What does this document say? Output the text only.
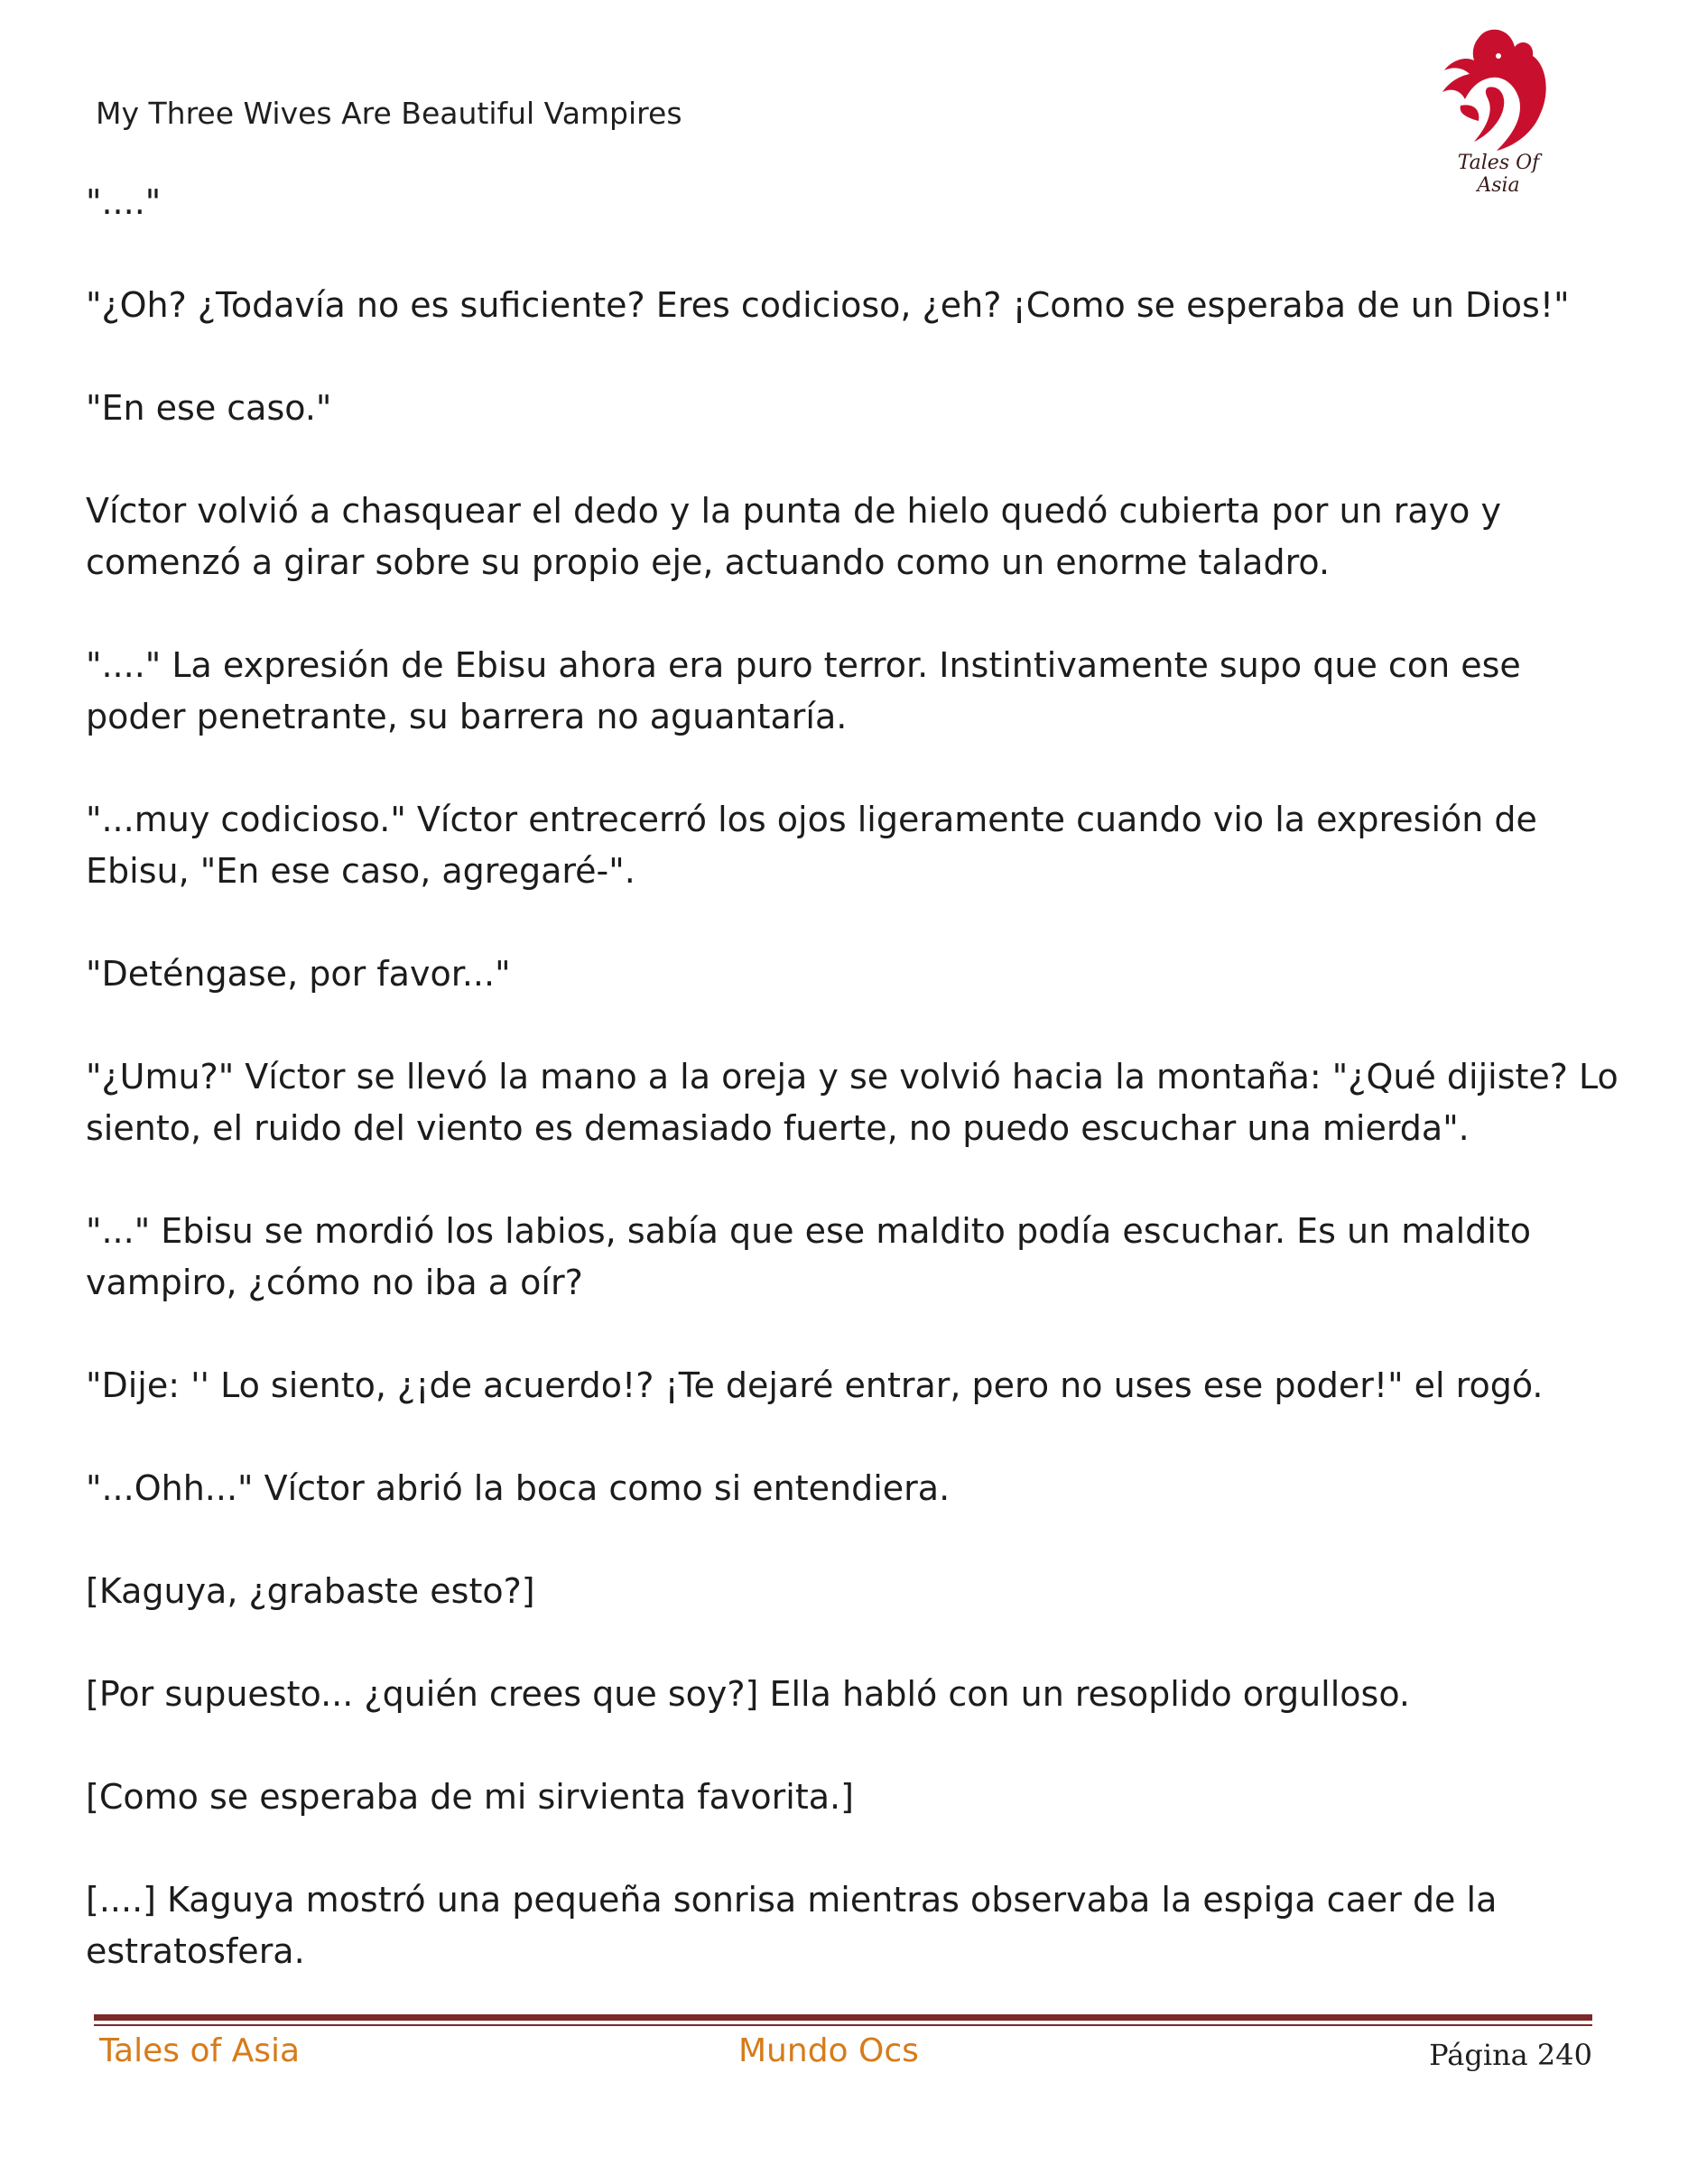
My Three Wives Are Beautiful Vampires
Tales Of Asia

"...."

"¿Oh? ¿Todavía no es suficiente? Eres codicioso, ¿eh? ¡Como se esperaba de un Dios!"

"En ese caso."

Víctor volvió a chasquear el dedo y la punta de hielo quedó cubierta por un rayo y comenzó a girar sobre su propio eje, actuando como un enorme taladro.

"...." La expresión de Ebisu ahora era puro terror. Instintivamente supo que con ese poder penetrante, su barrera no aguantaría.

"...muy codicioso." Víctor entrecerró los ojos ligeramente cuando vio la expresión de Ebisu, "En ese caso, agregaré-".

"Deténgase, por favor..."

"¿Umu?" Víctor se llevó la mano a la oreja y se volvió hacia la montaña: "¿Qué dijiste? Lo siento, el ruido del viento es demasiado fuerte, no puedo escuchar una mierda".

"..." Ebisu se mordió los labios, sabía que ese maldito podía escuchar. Es un maldito vampiro, ¿cómo no iba a oír?

"Dije: '' Lo siento, ¿¡de acuerdo!? ¡Te dejaré entrar, pero no uses ese poder!" el rogó.

"...Ohh..." Víctor abrió la boca como si entendiera.

[Kaguya, ¿grabaste esto?]

[Por supuesto... ¿quién crees que soy?] Ella habló con un resoplido orgulloso.

[Como se esperaba de mi sirvienta favorita.]

[....] Kaguya mostró una pequeña sonrisa mientras observaba la espiga caer de la estratosfera.

Tales of Asia	Mundo Ocs	Página 240
